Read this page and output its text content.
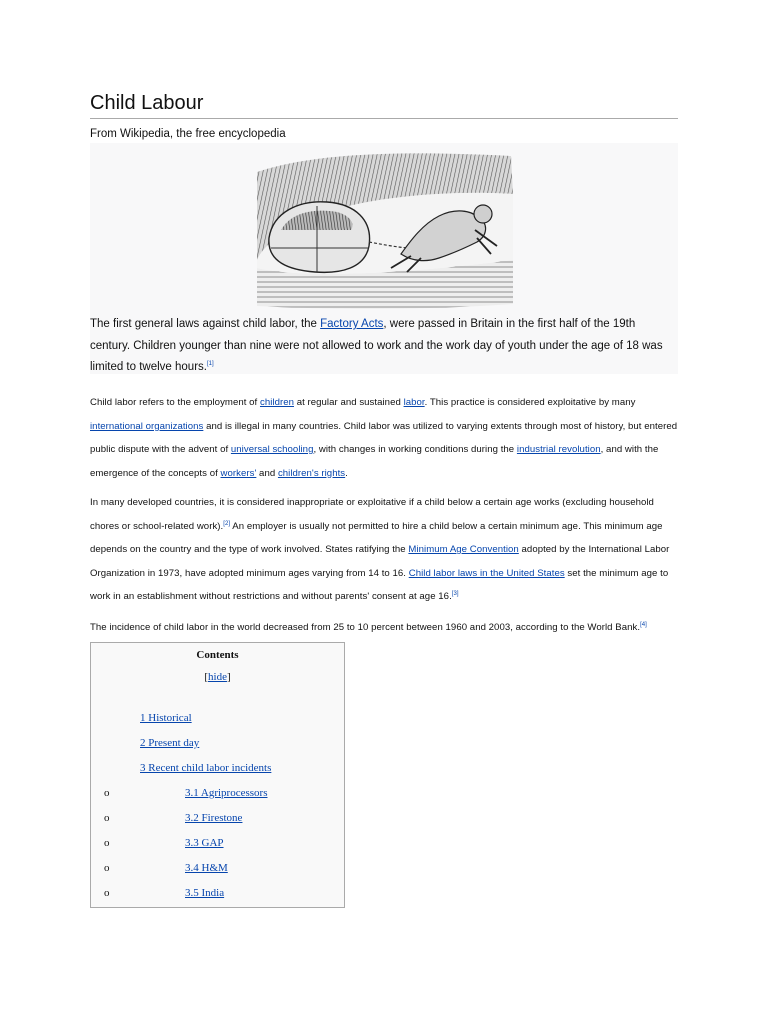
Child Labour
From Wikipedia, the free encyclopedia
The first general laws against child labor, the Factory Acts, were passed in Britain in the first half of the 19th century. Children younger than nine were not allowed to work and the work day of youth under the age of 18 was limited to twelve hours.[1]
Child labor refers to the employment of children at regular and sustained labor. This practice is considered exploitative by many international organizations and is illegal in many countries. Child labor was utilized to varying extents through most of history, but entered public dispute with the advent of universal schooling, with changes in working conditions during the industrial revolution, and with the emergence of the concepts of workers' and children's rights.
In many developed countries, it is considered inappropriate or exploitative if a child below a certain age works (excluding household chores or school-related work).[2] An employer is usually not permitted to hire a child below a certain minimum age. This minimum age depends on the country and the type of work involved. States ratifying the Minimum Age Convention adopted by the International Labor Organization in 1973, have adopted minimum ages varying from 14 to 16. Child labor laws in the United States set the minimum age to work in an establishment without restrictions and without parents' consent at age 16.[3]
The incidence of child labor in the world decreased from 25 to 10 percent between 1960 and 2003, according to the World Bank.[4]
Contents
[hide]
1 Historical
2 Present day
3 Recent child labor incidents
o	3.1 Agriprocessors
o	3.2 Firestone
o	3.3 GAP
o	3.4 H&M
o	3.5 India
